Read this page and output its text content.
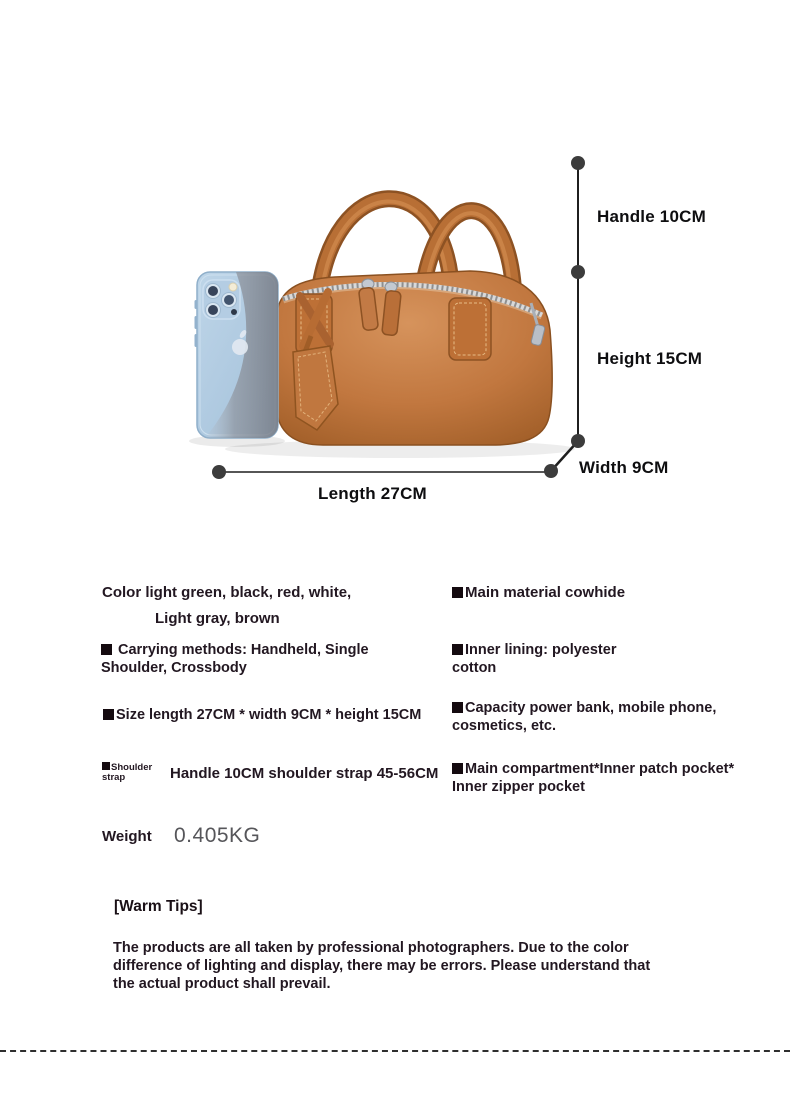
Handle 10CM
Height 15CM
Width 9CM
Length 27CM
Color light green, black, red, white,
Light gray, brown
Carrying methods: Handheld, Single Shoulder, Crossbody
Size length 27CM * width 9CM * height 15CM
Shoulder
strap	Handle 10CM shoulder strap 45-56CM
Weight 0.405KG
Main material cowhide
Inner lining: polyester cotton
Capacity power bank, mobile phone, cosmetics, etc.
Main compartment*Inner patch pocket*
Inner zipper pocket
[Warm Tips]
The products are all taken by professional photographers. Due to the color
difference of lighting and display, there may be errors. Please understand that
the actual product shall prevail.
